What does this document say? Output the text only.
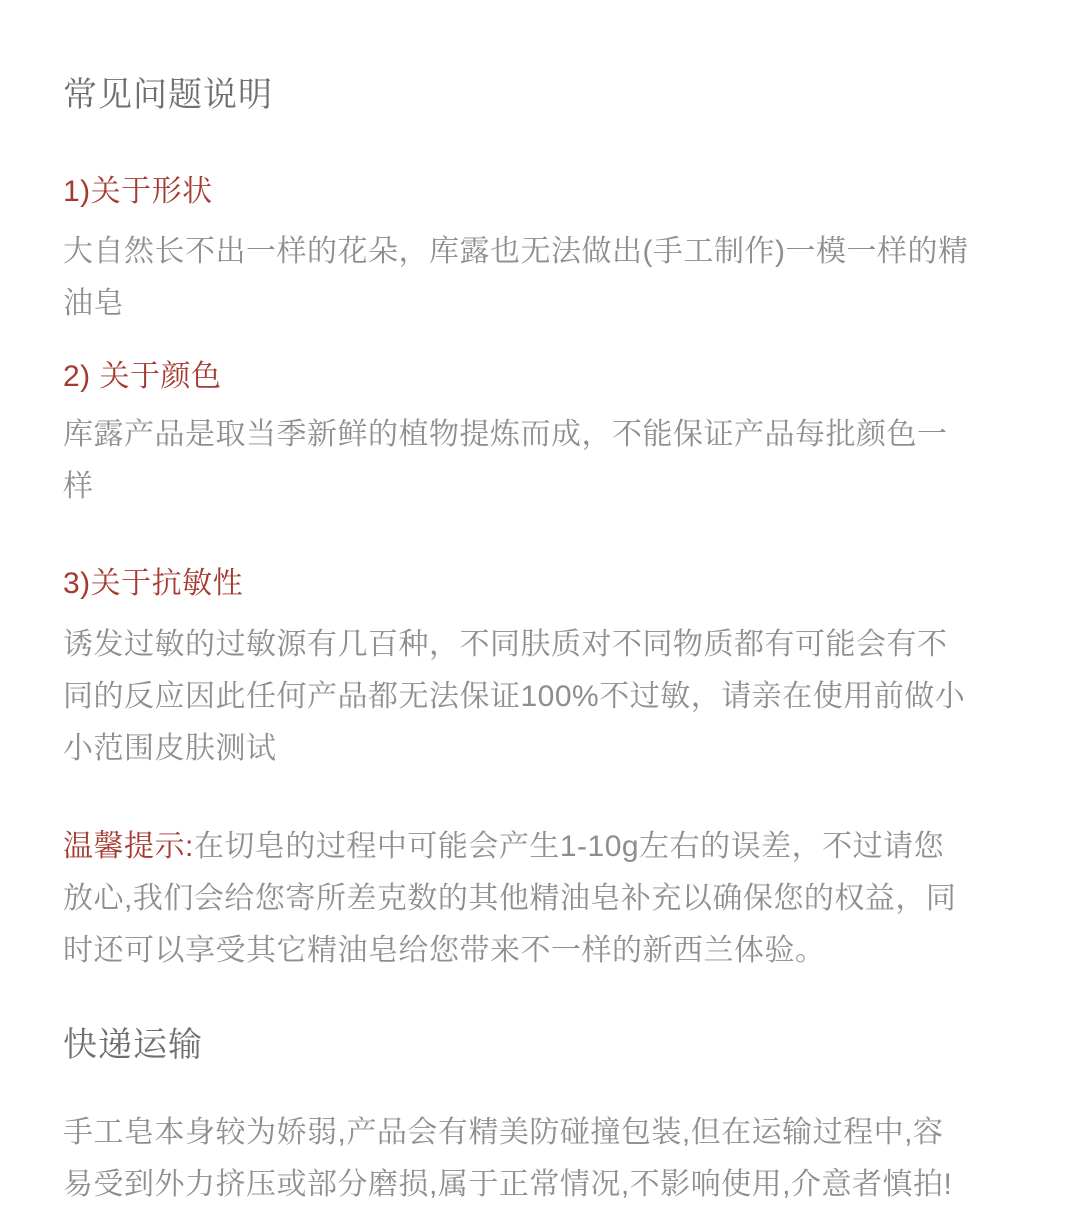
常见问题说明
1)关于形状

大自然长不出一样的花朵，库露也无法做出(手工制作)一模一样的精油皂

2) 关于颜色

库露产品是取当季新鲜的植物提炼而成，不能保证产品每批颜色一样

3)关于抗敏性

诱发过敏的过敏源有几百种，不同肤质对不同物质都有可能会有不同的反应因此任何产品都无法保证100%不过敏，请亲在使用前做小小范围皮肤测试

温馨提示:在切皂的过程中可能会产生1-10g左右的误差，不过请您放心,我们会给您寄所差克数的其他精油皂补充以确保您的权益，同时还可以享受其它精油皂给您带来不一样的新西兰体验。

快递运输

手工皂本身较为娇弱,产品会有精美防碰撞包装,但在运输过程中,容易受到外力挤压或部分磨损,属于正常情况,不影响使用,介意者慎拍!
